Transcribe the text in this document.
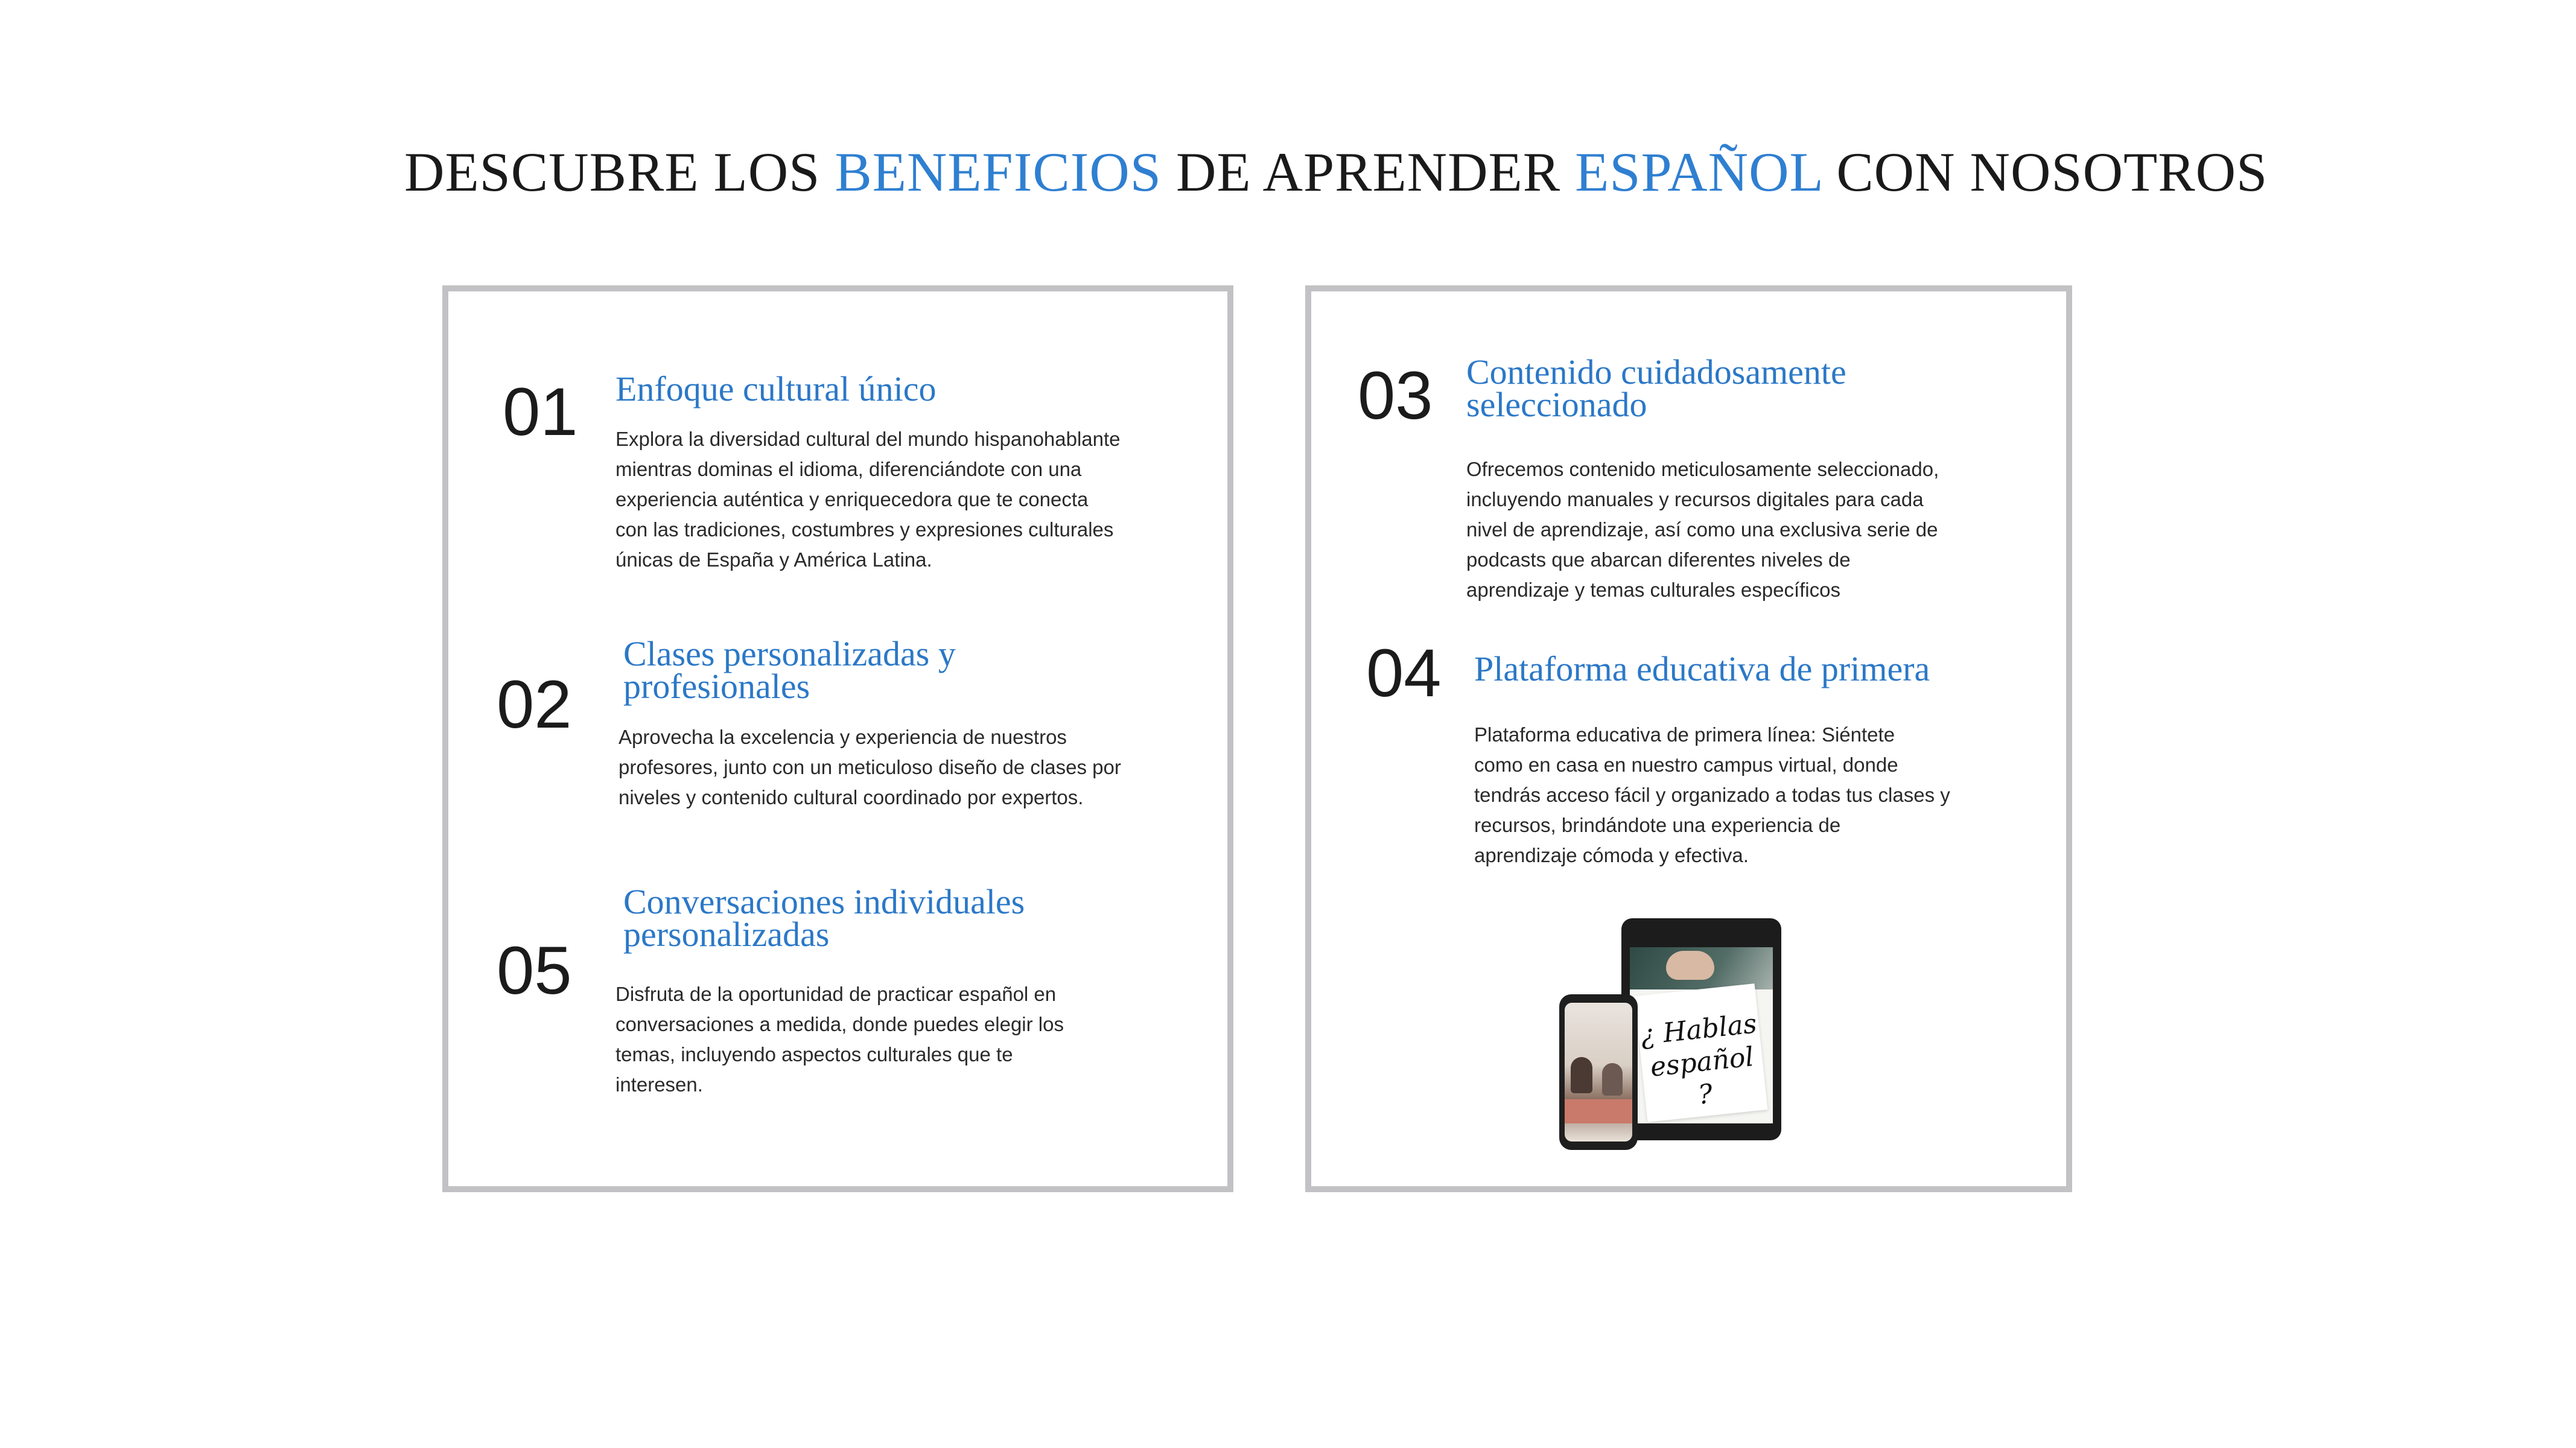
DESCUBRE LOS BENEFICIOS DE APRENDER ESPAÑOL CON NOSOTROS
01 Enfoque cultural único
Explora la diversidad cultural del mundo hispanohablante
mientras dominas el idioma, diferenciándote con una
experiencia auténtica y enriquecedora que te conecta
con las tradiciones, costumbres y expresiones culturales
únicas de España y América Latina.
02
Clases personalizadas y
profesionales
Aprovecha la excelencia y experiencia de nuestros
profesores, junto con un meticuloso diseño de clases por
niveles y contenido cultural coordinado por expertos.
05
Conversaciones individuales
personalizadas
Disfruta de la oportunidad de practicar español en
conversaciones a medida, donde puedes elegir los
temas, incluyendo aspectos culturales que te
interesen.
03 Contenido cuidadosamente
seleccionado
Ofrecemos contenido meticulosamente seleccionado,
incluyendo manuales y recursos digitales para cada
nivel de aprendizaje, así como una exclusiva serie de
podcasts que abarcan diferentes niveles de
aprendizaje y temas culturales específicos
04 Plataforma educativa de primera
Plataforma educativa de primera línea: Siéntete
como en casa en nuestro campus virtual, donde
tendrás acceso fácil y organizado a todas tus clases y
recursos, brindándote una experiencia de
aprendizaje cómoda y efectiva.
¿ Hablas
español ?
